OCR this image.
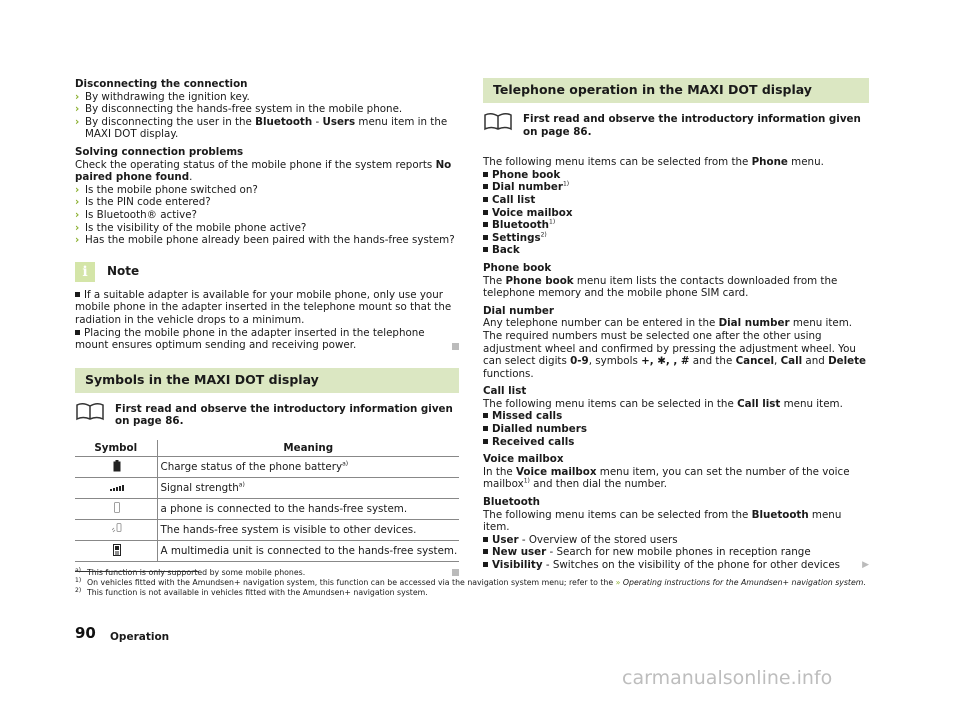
Disconnecting the connection

› By withdrawing the ignition key.
› By disconnecting the hands-free system in the mobile phone.
› By disconnecting the user in the Bluetooth - Users menu item in the MAXI DOT display.

Solving connection problems

Check the operating status of the mobile phone if the system reports No paired phone found.

› Is the mobile phone switched on?
› Is the PIN code entered?
› Is Bluetooth® active?
› Is the visibility of the mobile phone active?
› Has the mobile phone already been paired with the hands-free system?
i	Note

If a suitable adapter is available for your mobile phone, only use your mobile phone in the adapter inserted in the telephone mount so that the radiation in the vehicle drops to a minimum.

Placing the mobile phone in the adapter inserted in the telephone mount ensures optimum sending and receiving power.

Symbols in the MAXI DOT display
First read and observe the introductory information given on page 86.
Symbol	Meaning
	Charge status of the phone battery$^{a)}$
	Signal strength$^{a)}$
	a phone is connected to the hands-free system.
	The hands-free system is visible to other devices.
	A multimedia unit is connected to the hands-free system.
a) This function is only supported by some mobile phones.
Telephone operation in the MAXI DOT display
First read and observe the introductory information given on page 86.

The following menu items can be selected from the Phone menu.

Phone book
Dial number$^{1)}$
Call list
Voice mailbox
Bluetooth$^{1)}$
Settings$^{2)}$
Back

Phone book

The Phone book menu item lists the contacts downloaded from the telephone memory and the mobile phone SIM card.

Dial number

Any telephone number can be entered in the Dial number menu item. The required numbers must be selected one after the other using adjustment wheel and confirmed by pressing the adjustment wheel. You can select digits 0-9, symbols +, ✱, , # and the Cancel, Call and Delete functions.

Call list

The following menu items can be selected in the Call list menu item.

Missed calls
Dialled numbers
Received calls

Voice mailbox

In the Voice mailbox menu item, you can set the number of the voice mailbox$^{1)}$ and then dial the number.

Bluetooth

The following menu items can be selected from the Bluetooth menu item.

User - Overview of the stored users
New user - Search for new mobile phones in reception range
Visibility - Switches on the visibility of the phone for other devices ▶
1) On vehicles fitted with the Amundsen+ navigation system, this function can be accessed via the navigation system menu; refer to the » Operating instructions for the Amundsen+ navigation system.
2) This function is not available in vehicles fitted with the Amundsen+ navigation system.
90 Operation
carmanualsonline.info
